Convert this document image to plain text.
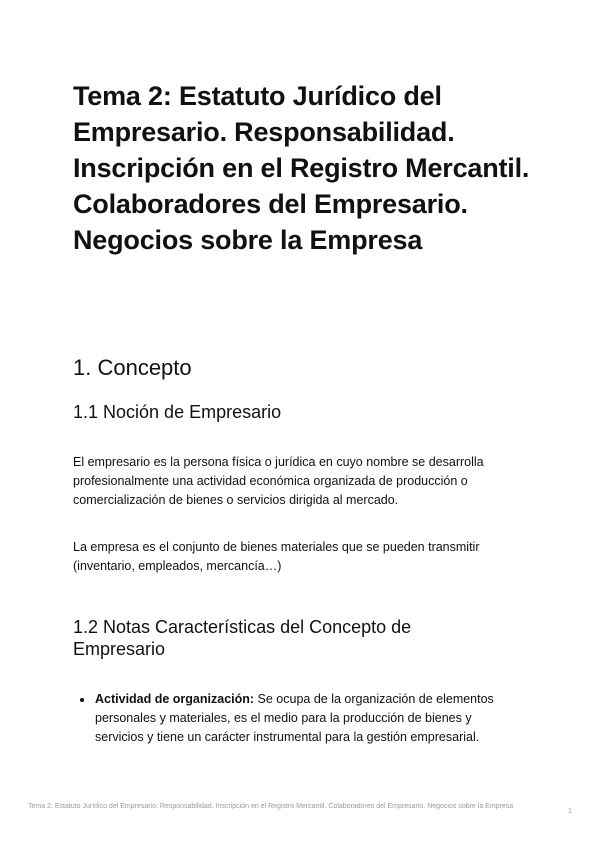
Tema 2: Estatuto Jurídico del Empresario. Responsabilidad. Inscripción en el Registro Mercantil. Colaboradores del Empresario. Negocios sobre la Empresa
1. Concepto
1.1 Noción de Empresario

El empresario es la persona física o jurídica en cuyo nombre se desarrolla profesionalmente una actividad económica organizada de producción o comercialización de bienes o servicios dirigida al mercado.

La empresa es el conjunto de bienes materiales que se pueden transmitir (inventario, empleados, mercancía…)

1.2 Notas Características del Concepto de Empresario
Actividad de organización: Se ocupa de la organización de elementos personales y materiales, es el medio para la producción de bienes y servicios y tiene un carácter instrumental para la gestión empresarial.
Tema 2: Estatuto Jurídico del Empresario. Responsabilidad. Inscripción en el Registro Mercantil. Colaboradores del Empresario. Negocios sobre la Empresa
1
